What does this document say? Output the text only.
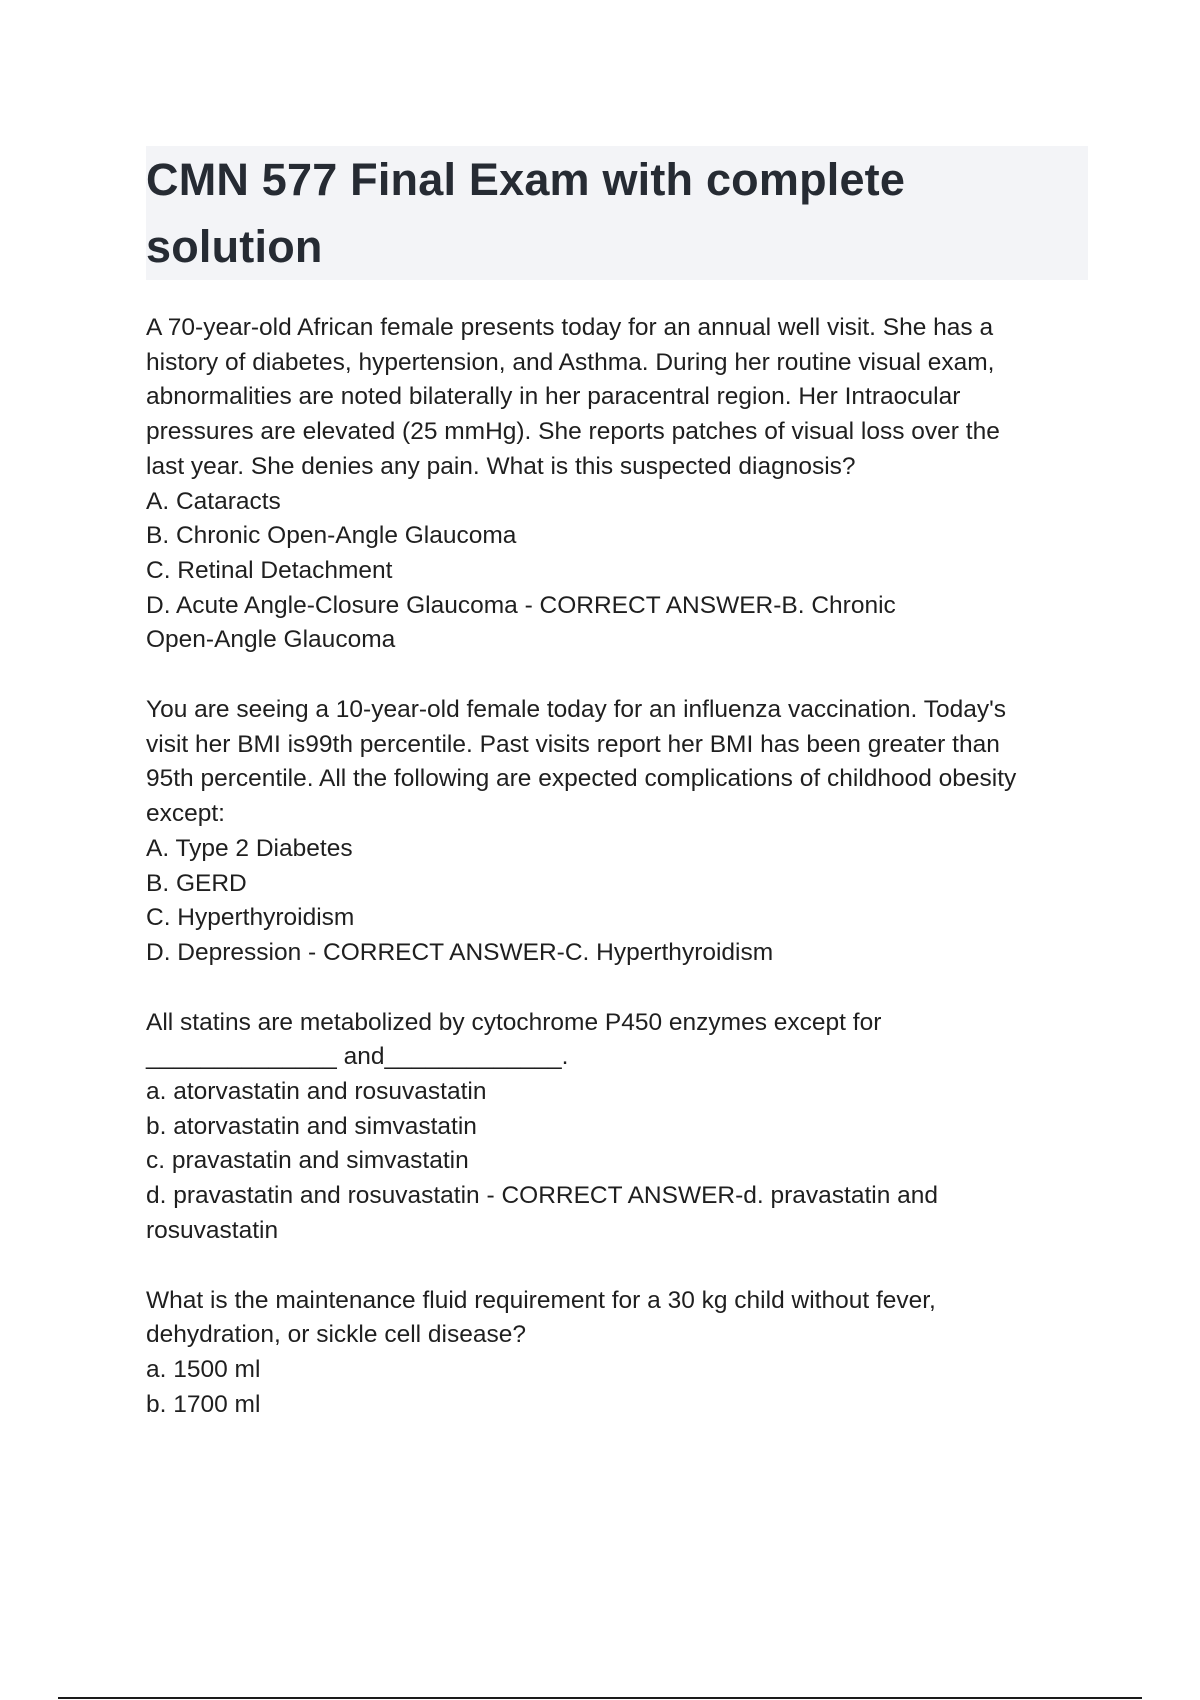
CMN 577 Final Exam with complete solution
A 70-year-old African female presents today for an annual well visit. She has a
history of diabetes, hypertension, and Asthma. During her routine visual exam,
abnormalities are noted bilaterally in her paracentral region. Her Intraocular
pressures are elevated (25 mmHg). She reports patches of visual loss over the
last year. She denies any pain. What is this suspected diagnosis?
A. Cataracts
B. Chronic Open-Angle Glaucoma
C. Retinal Detachment
D. Acute Angle-Closure Glaucoma - CORRECT ANSWER-B. Chronic
Open-Angle Glaucoma
You are seeing a 10-year-old female today for an influenza vaccination. Today's
visit her BMI is99th percentile. Past visits report her BMI has been greater than
95th percentile. All the following are expected complications of childhood obesity
except:
A. Type 2 Diabetes
B. GERD
C. Hyperthyroidism
D. Depression - CORRECT ANSWER-C. Hyperthyroidism
All statins are metabolized by cytochrome P450 enzymes except for
______________ and_____________.
a. atorvastatin and rosuvastatin
b. atorvastatin and simvastatin
c. pravastatin and simvastatin
d. pravastatin and rosuvastatin - CORRECT ANSWER-d. pravastatin and
rosuvastatin
What is the maintenance fluid requirement for a 30 kg child without fever,
dehydration, or sickle cell disease?
a. 1500 ml
b. 1700 ml
